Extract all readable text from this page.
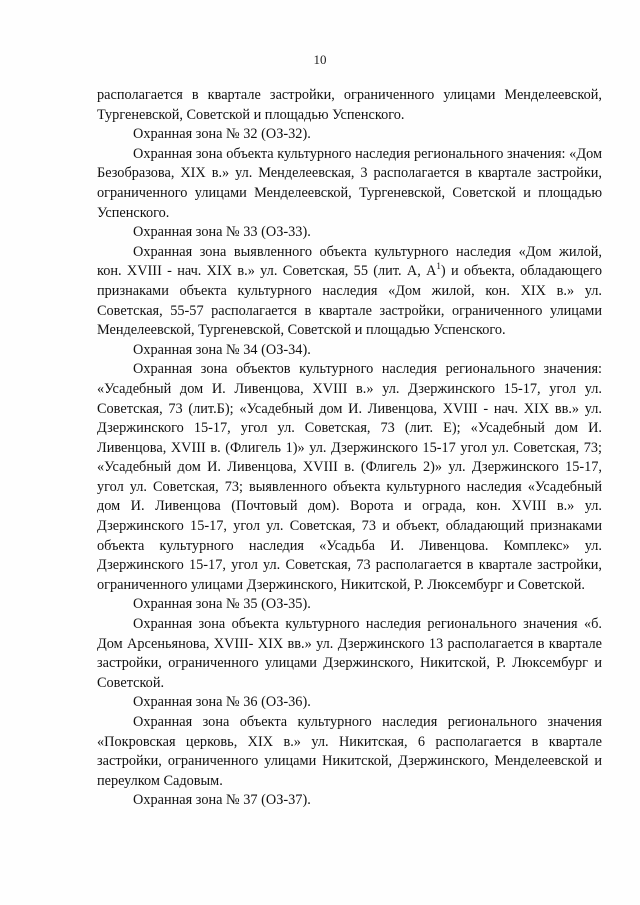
10

располагается в квартале застройки, ограниченного улицами Менделеевской, Тургеневской, Советской и площадью Успенского.

Охранная зона № 32 (ОЗ-32).

Охранная зона объекта культурного наследия регионального значения: «Дом Безобразова, XIX в.» ул. Менделеевская, 3 располагается в квартале застройки, ограниченного улицами Менделеевской, Тургеневской, Советской и площадью Успенского.

Охранная зона № 33 (ОЗ-33).

Охранная зона выявленного объекта культурного наследия «Дом жилой, кон. XVIII - нач. XIX в.» ул. Советская, 55 (лит. А, $А^1$) и объекта, обладающего признаками объекта культурного наследия «Дом жилой, кон. XIX в.» ул. Советская, 55-57 располагается в квартале застройки, ограниченного улицами Менделеевской, Тургеневской, Советской и площадью Успенского.

Охранная зона № 34 (ОЗ-34).

Охранная зона объектов культурного наследия регионального значения: «Усадебный дом И. Ливенцова, XVIII в.» ул. Дзержинского 15-17, угол ул. Советская, 73 (лит.Б); «Усадебный дом И. Ливенцова, XVIII - нач. XIX вв.» ул. Дзержинского 15-17, угол ул. Советская, 73 (лит. Е); «Усадебный дом И. Ливенцова, XVIII в. (Флигель 1)» ул. Дзержинского 15-17 угол ул. Советская, 73; «Усадебный дом И. Ливенцова, XVIII в. (Флигель 2)» ул. Дзержинского 15-17, угол ул. Советская, 73; выявленного объекта культурного наследия «Усадебный дом И. Ливенцова (Почтовый дом). Ворота и ограда, кон. XVIII в.» ул. Дзержинского 15-17, угол ул. Советская, 73 и объект, обладающий признаками объекта культурного наследия «Усадьба И. Ливенцова. Комплекс» ул. Дзержинского 15-17, угол ул. Советская, 73 располагается в квартале застройки, ограниченного улицами Дзержинского, Никитской, Р. Люксембург и Советской.

Охранная зона № 35 (ОЗ-35).

Охранная зона объекта культурного наследия регионального значения «б. Дом Арсеньянова, XVIII- XIX вв.» ул. Дзержинского 13 располагается в квартале застройки, ограниченного улицами Дзержинского, Никитской, Р. Люксембург и Советской.

Охранная зона № 36 (ОЗ-36).

Охранная зона объекта культурного наследия регионального значения «Покровская церковь, XIX в.» ул. Никитская, 6 располагается в квартале застройки, ограниченного улицами Никитской, Дзержинского, Менделеевской и переулком Садовым.

Охранная зона № 37 (ОЗ-37).
